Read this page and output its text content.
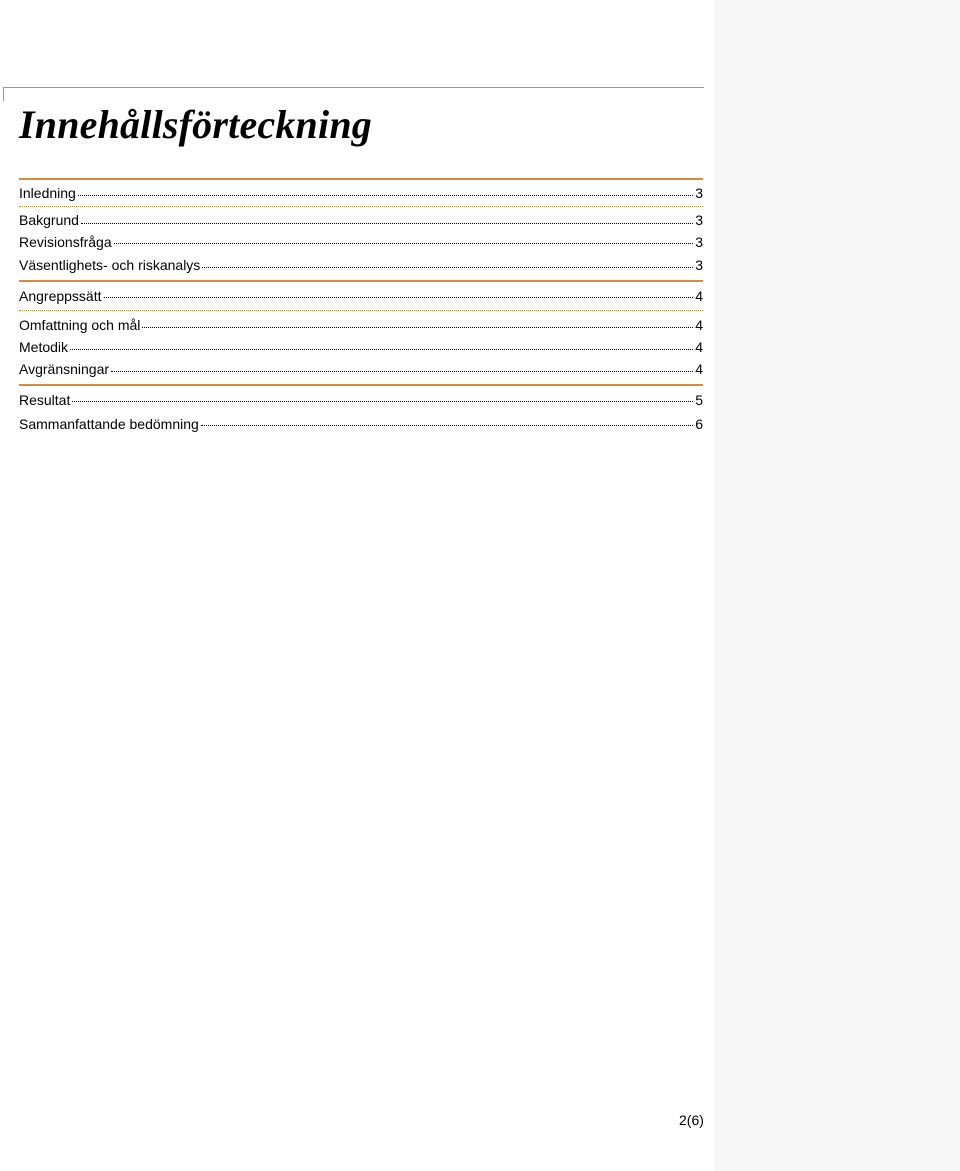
Innehållsförteckning
Inledning	3
Bakgrund	3
Revisionsfråga	3
Väsentlighets- och riskanalys	3
Angreppssätt	4
Omfattning och mål	4
Metodik	4
Avgränsningar	4
Resultat	5
Sammanfattande bedömning	6
2(6)
